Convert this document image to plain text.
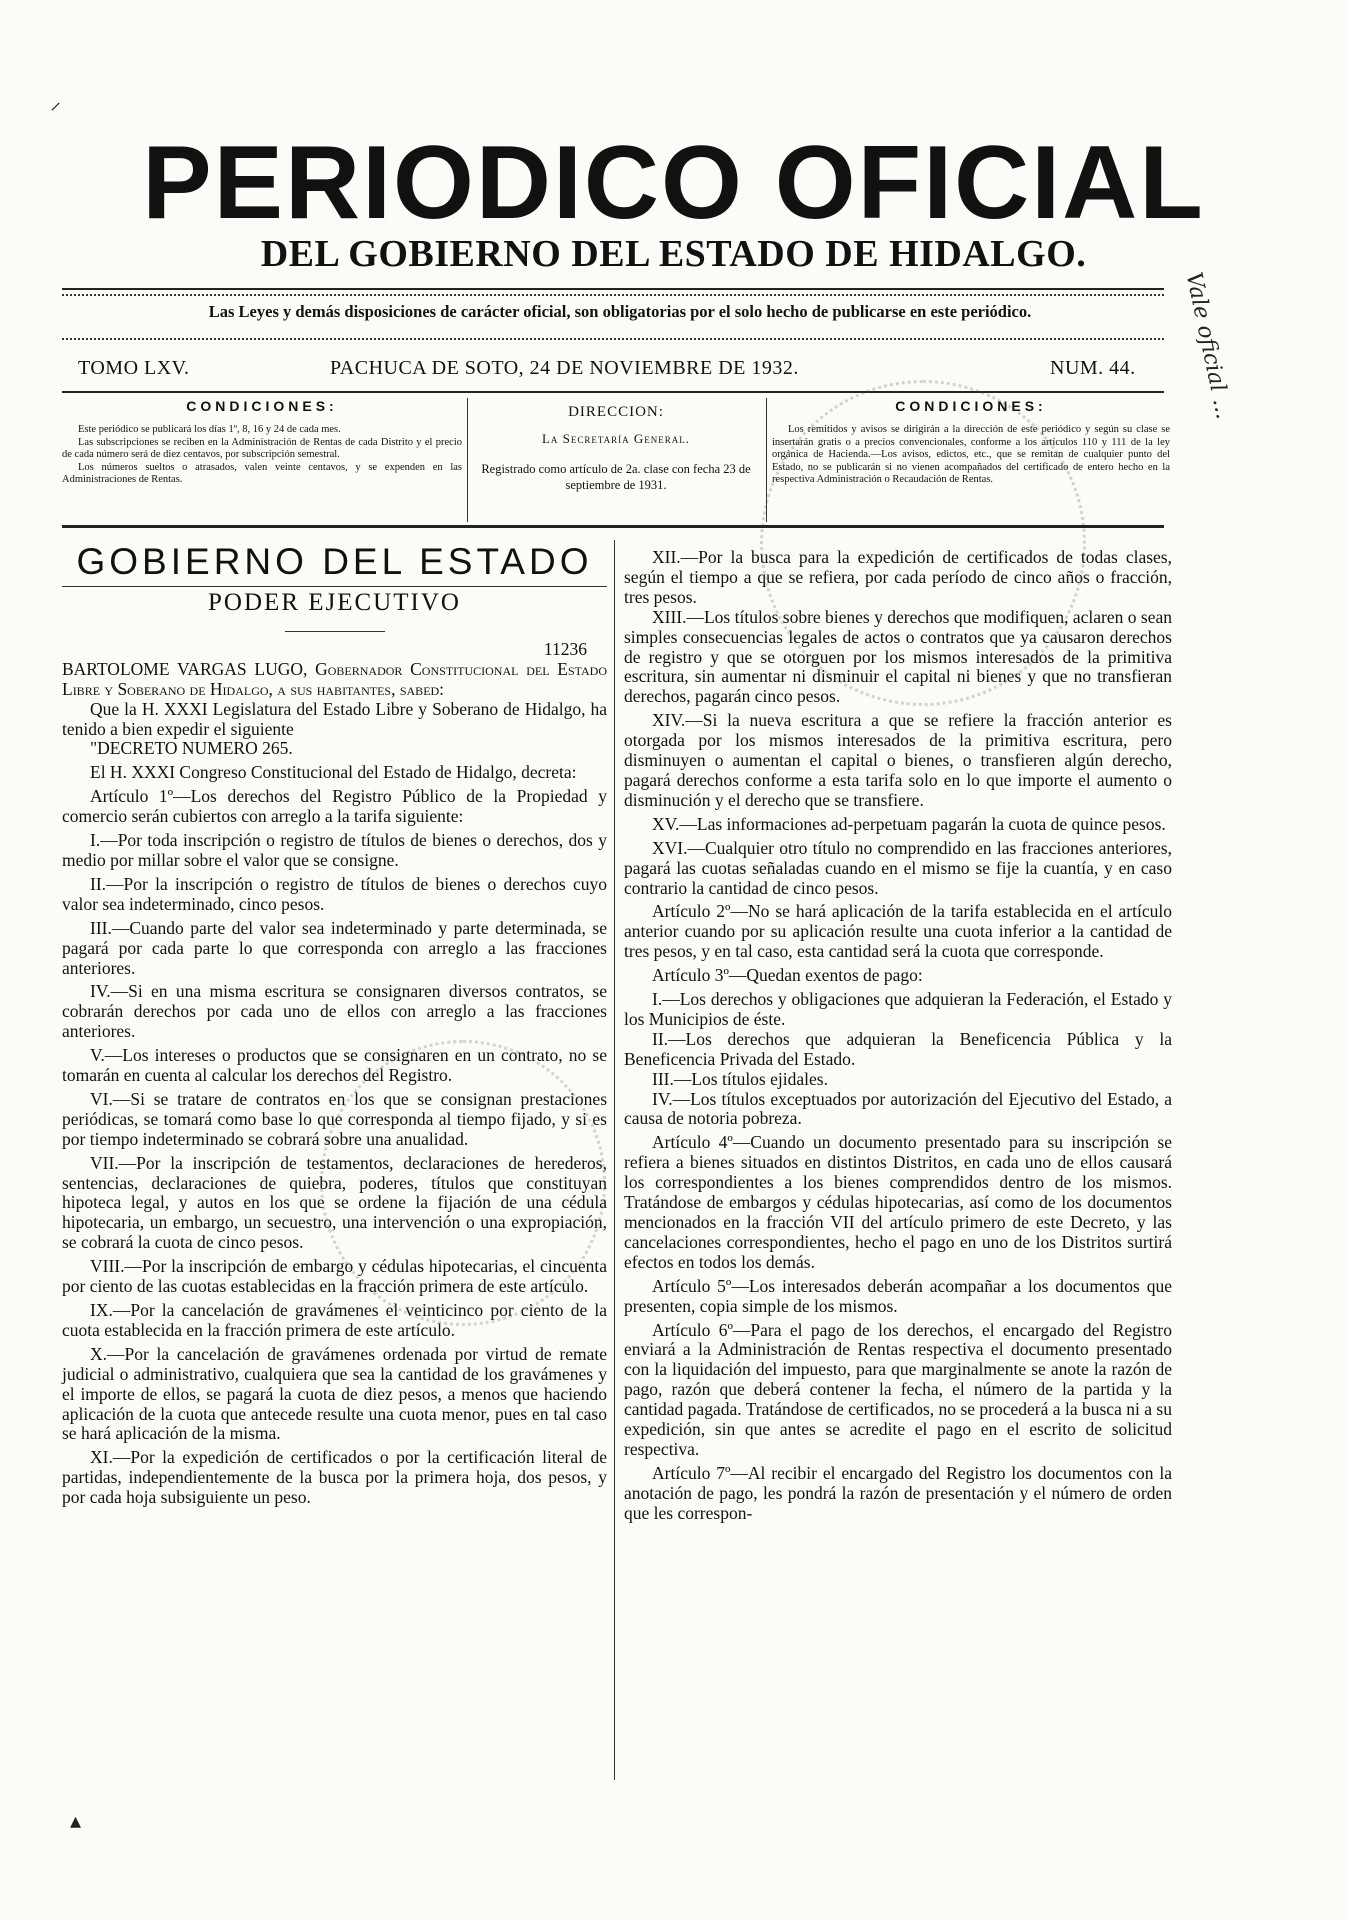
⸝
PERIODICO OFICIAL
DEL GOBIERNO DEL ESTADO DE HIDALGO.
Las Leyes y demás disposiciones de carácter oficial, son obligatorias por el solo hecho de publicarse en este periódico.
TOMO LXV.	PACHUCA DE SOTO, 24 DE NOVIEMBRE DE 1932.	NUM. 44.
CONDICIONES:
Este periódico se publicará los días 1º, 8, 16 y 24 de cada mes.
Las subscripciones se reciben en la Administración de Rentas de cada Distrito y el precio de cada número será de diez centavos, por subscripción semestral.
Los números sueltos o atrasados, valen veinte centavos, y se expenden en las Administraciones de Rentas.
DIRECCION:
La Secretaría General.
Registrado como artículo de 2a. clase con fecha 23 de septiembre de 1931.
CONDICIONES:
Los remitidos y avisos se dirigirán a la dirección de este periódico y según su clase se insertarán gratis o a precios convencionales, conforme a los artículos 110 y 111 de la ley orgánica de Hacienda.—Los avisos, edictos, etc., que se remitan de cualquier punto del Estado, no se publicarán si no vienen acompañados del certificado de entero hecho en la respectiva Administración o Recaudación de Rentas.
GOBIERNO DEL ESTADO
PODER EJECUTIVO
11236

BARTOLOME VARGAS LUGO, Gobernador Constitucional del Estado Libre y Soberano de Hidalgo, a sus habitantes, sabed:

Que la H. XXXI Legislatura del Estado Libre y Soberano de Hidalgo, ha tenido a bien expedir el siguiente

"DECRETO NUMERO 265.

El H. XXXI Congreso Constitucional del Estado de Hidalgo, decreta:

Artículo 1º—Los derechos del Registro Público de la Propiedad y comercio serán cubiertos con arreglo a la tarifa siguiente:

I.—Por toda inscripción o registro de títulos de bienes o derechos, dos y medio por millar sobre el valor que se consigne.

II.—Por la inscripción o registro de títulos de bienes o derechos cuyo valor sea indeterminado, cinco pesos.

III.—Cuando parte del valor sea indeterminado y parte determinada, se pagará por cada parte lo que corresponda con arreglo a las fracciones anteriores.

IV.—Si en una misma escritura se consignaren diversos contratos, se cobrarán derechos por cada uno de ellos con arreglo a las fracciones anteriores.

V.—Los intereses o productos que se consignaren en un contrato, no se tomarán en cuenta al calcular los derechos del Registro.

VI.—Si se tratare de contratos en los que se consignan prestaciones periódicas, se tomará como base lo que corresponda al tiempo fijado, y si es por tiempo indeterminado se cobrará sobre una anualidad.

VII.—Por la inscripción de testamentos, declaraciones de herederos, sentencias, declaraciones de quiebra, poderes, títulos que constituyan hipoteca legal, y autos en los que se ordene la fijación de una cédula hipotecaria, un embargo, un secuestro, una intervención o una expropiación, se cobrará la cuota de cinco pesos.

VIII.—Por la inscripción de embargo y cédulas hipotecarias, el cincuenta por ciento de las cuotas establecidas en la fracción primera de este artículo.

IX.—Por la cancelación de gravámenes el veinticinco por ciento de la cuota establecida en la fracción primera de este artículo.

X.—Por la cancelación de gravámenes ordenada por virtud de remate judicial o administrativo, cualquiera que sea la cantidad de los gravámenes y el importe de ellos, se pagará la cuota de diez pesos, a menos que haciendo aplicación de la cuota que antecede resulte una cuota menor, pues en tal caso se hará aplicación de la misma.

XI.—Por la expedición de certificados o por la certificación literal de partidas, independientemente de la busca por la primera hoja, dos pesos, y por cada hoja subsiguiente un peso.

XII.—Por la busca para la expedición de certificados de todas clases, según el tiempo a que se refiera, por cada período de cinco años o fracción, tres pesos.

XIII.—Los títulos sobre bienes y derechos que modifiquen, aclaren o sean simples consecuencias legales de actos o contratos que ya causaron derechos de registro y que se otorguen por los mismos interesados de la primitiva escritura, sin aumentar ni disminuir el capital ni bienes y que no transfieran derechos, pagarán cinco pesos.

XIV.—Si la nueva escritura a que se refiere la fracción anterior es otorgada por los mismos interesados de la primitiva escritura, pero disminuyen o aumentan el capital o bienes, o transfieren algún derecho, pagará derechos conforme a esta tarifa solo en lo que importe el aumento o disminución y el derecho que se transfiere.

XV.—Las informaciones ad-perpetuam pagarán la cuota de quince pesos.

XVI.—Cualquier otro título no comprendido en las fracciones anteriores, pagará las cuotas señaladas cuando en el mismo se fije la cuantía, y en caso contrario la cantidad de cinco pesos.

Artículo 2º—No se hará aplicación de la tarifa establecida en el artículo anterior cuando por su aplicación resulte una cuota inferior a la cantidad de tres pesos, y en tal caso, esta cantidad será la cuota que corresponde.

Artículo 3º—Quedan exentos de pago:

I.—Los derechos y obligaciones que adquieran la Federación, el Estado y los Municipios de éste.

II.—Los derechos que adquieran la Beneficencia Pública y la Beneficencia Privada del Estado.

III.—Los títulos ejidales.

IV.—Los títulos exceptuados por autorización del Ejecutivo del Estado, a causa de notoria pobreza.

Artículo 4º—Cuando un documento presentado para su inscripción se refiera a bienes situados en distintos Distritos, en cada uno de ellos causará los correspondientes a los bienes comprendidos dentro de los mismos. Tratándose de embargos y cédulas hipotecarias, así como de los documentos mencionados en la fracción VII del artículo primero de este Decreto, y las cancelaciones correspondientes, hecho el pago en uno de los Distritos surtirá efectos en todos los demás.

Artículo 5º—Los interesados deberán acompañar a los documentos que presenten, copia simple de los mismos.

Artículo 6º—Para el pago de los derechos, el encargado del Registro enviará a la Administración de Rentas respectiva el documento presentado con la liquidación del impuesto, para que marginalmente se anote la razón de pago, razón que deberá contener la fecha, el número de la partida y la cantidad pagada. Tratándose de certificados, no se procederá a la busca ni a su expedición, sin que antes se acredite el pago en el escrito de solicitud respectiva.

Artículo 7º—Al recibir el encargado del Registro los documentos con la anotación de pago, les pondrá la razón de presentación y el número de orden que les correspon-

Vale oficial ...
▴
